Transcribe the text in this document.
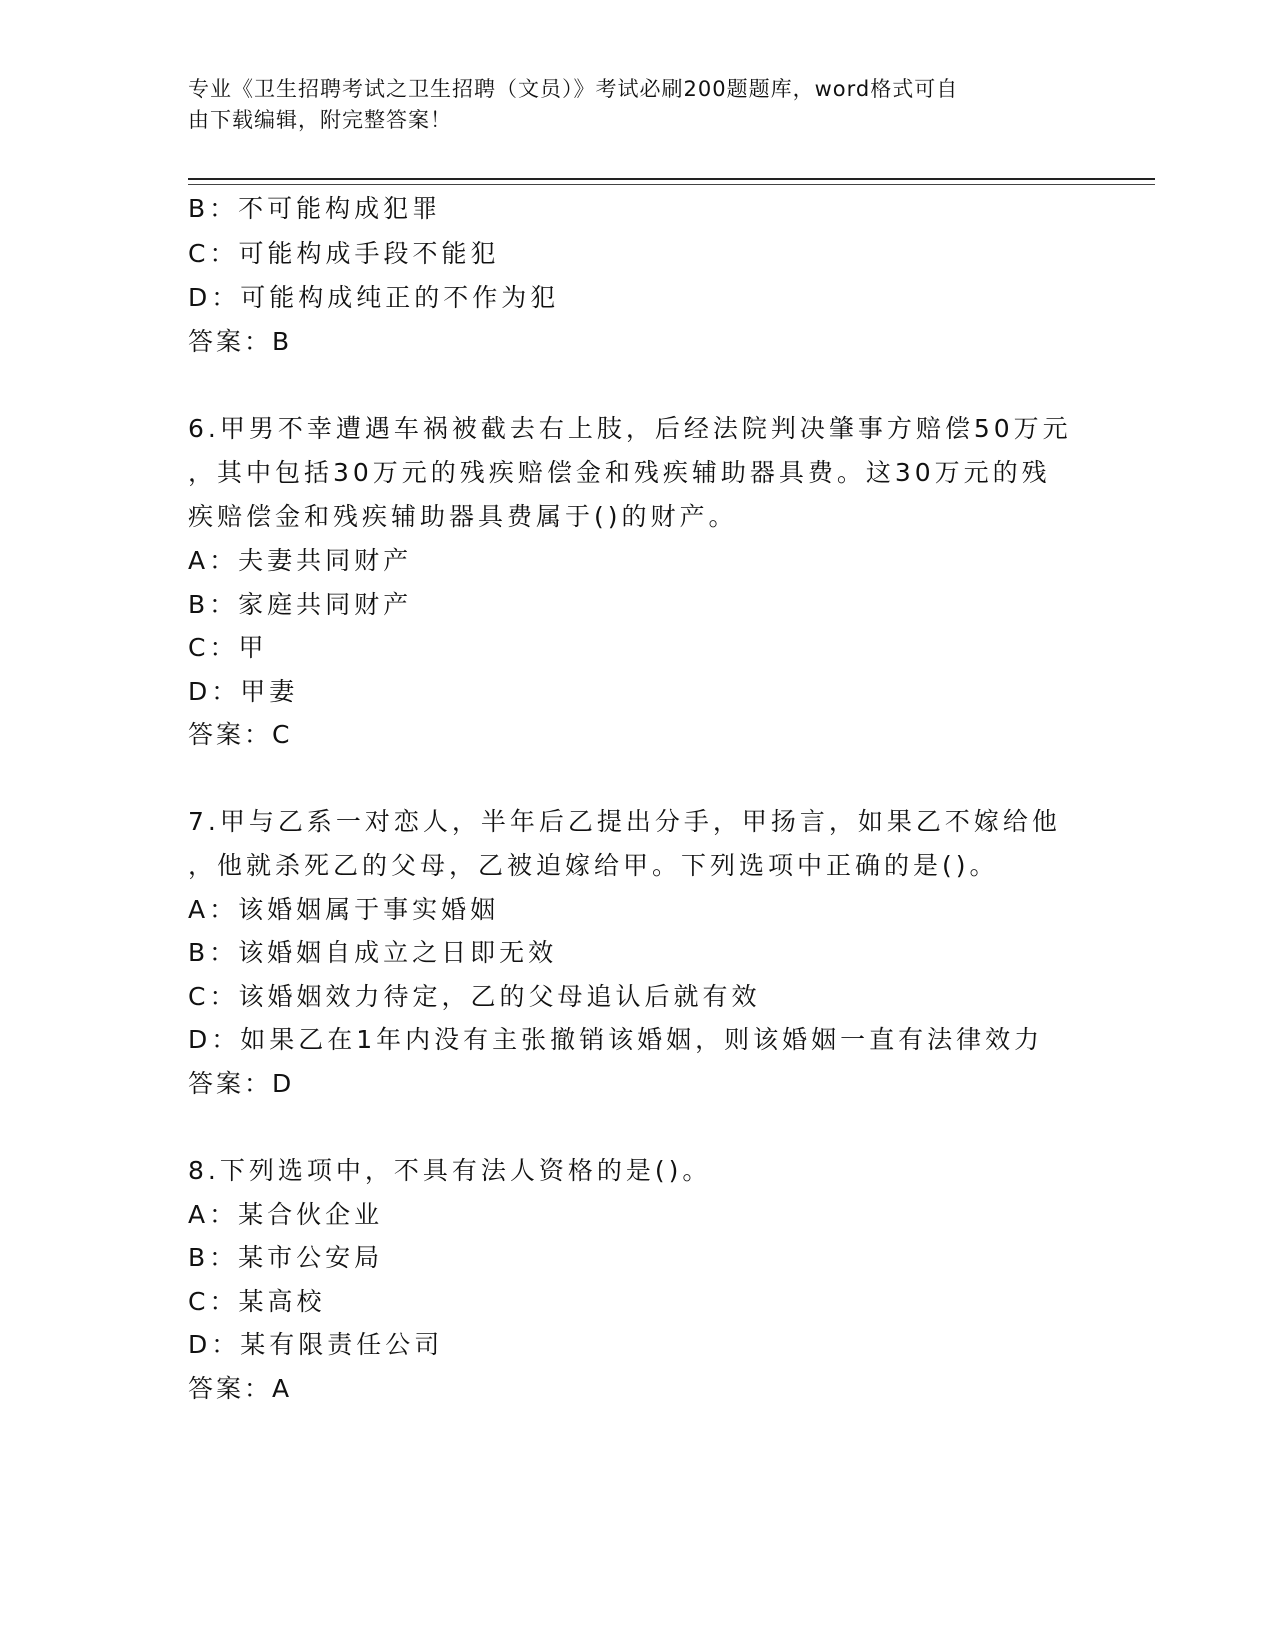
专业《卫生招聘考试之卫生招聘（文员）》考试必刷200题题库，word格式可自
由下载编辑，附完整答案！
B：不可能构成犯罪
C：可能构成手段不能犯
D：可能构成纯正的不作为犯
答案：B
6.甲男不幸遭遇车祸被截去右上肢，后经法院判决肇事方赔偿50万元
，其中包括30万元的残疾赔偿金和残疾辅助器具费。这30万元的残
疾赔偿金和残疾辅助器具费属于()的财产。
A：夫妻共同财产
B：家庭共同财产
C：甲
D：甲妻
答案：C
7.甲与乙系一对恋人，半年后乙提出分手，甲扬言，如果乙不嫁给他
，他就杀死乙的父母，乙被迫嫁给甲。下列选项中正确的是()。
A：该婚姻属于事实婚姻
B：该婚姻自成立之日即无效
C：该婚姻效力待定，乙的父母追认后就有效
D：如果乙在1年内没有主张撤销该婚姻，则该婚姻一直有法律效力
答案：D
8.下列选项中，不具有法人资格的是()。
A：某合伙企业
B：某市公安局
C：某高校
D：某有限责任公司
答案：A
